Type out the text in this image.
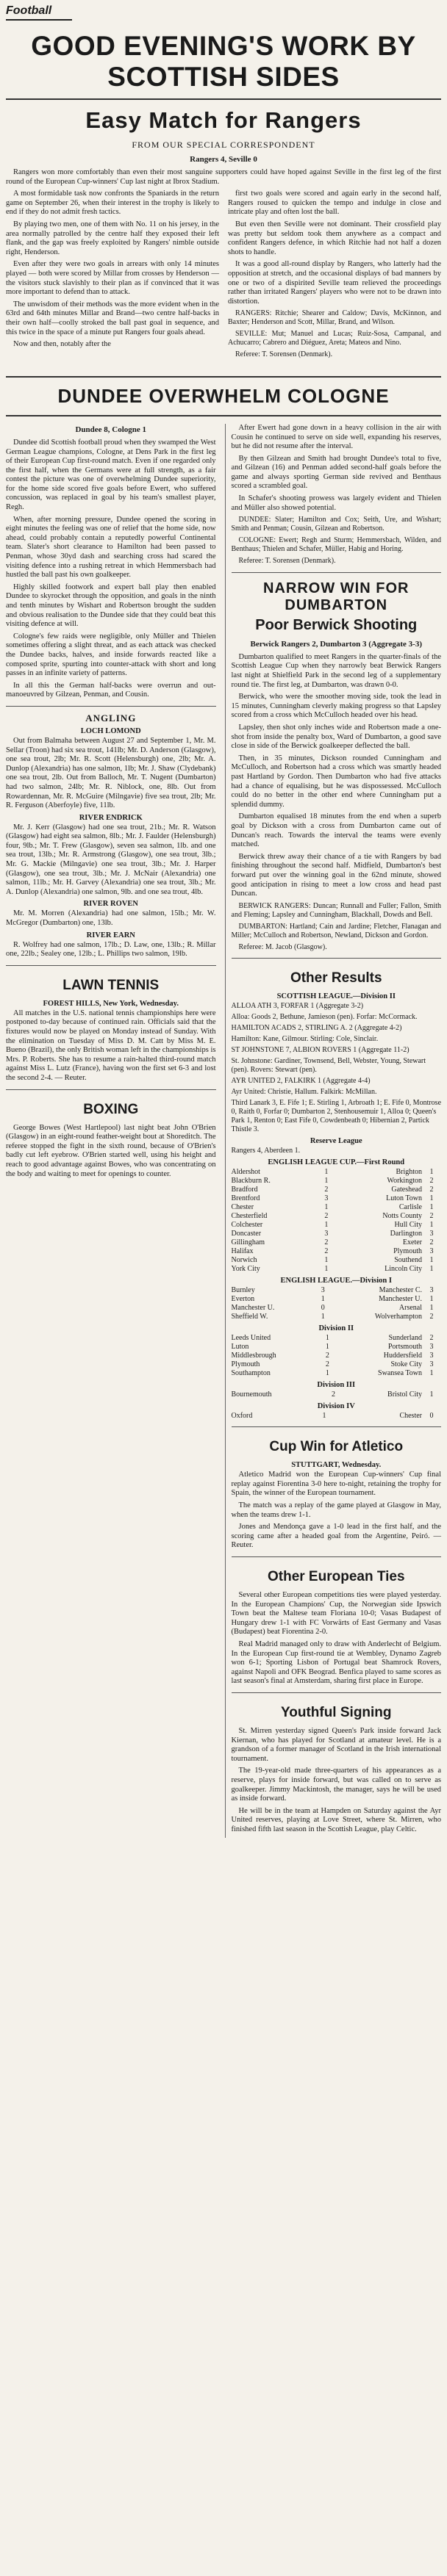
Football
GOOD EVENING'S WORK BY SCOTTISH SIDES
Easy Match for Rangers
FROM OUR SPECIAL CORRESPONDENT
Rangers 4, Seville 0

Rangers won more comfortably than even their most sanguine supporters could have hoped against Seville in the first leg of the first round of the European Cup-winners' Cup last night at Ibrox Stadium.

A most formidable task now confronts the Spaniards in the return game on September 26, when their interest in the trophy is likely to end if they do not admit fresh tactics.

By playing two men, one of them with No. 11 on his jersey, in the area normally patrolled by the centre half they exposed their left flank, and the gap was freely exploited by Rangers' nimble outside right, Henderson.

Even after they were two goals in arrears with only 14 minutes played — both were scored by Millar from crosses by Henderson — the visitors stuck slavishly to their plan as if convinced that it was more important to defend than to attack.

The unwisdom of their methods was the more evident when in the 63rd and 64th minutes Millar and Brand—two centre half-backs in their own half—coolly stroked the ball past goal in sequence, and this twice in the space of a minute put Rangers four goals ahead.

Now and then, notably after the

first two goals were scored and again early in the second half, Rangers roused to quicken the tempo and indulge in close and intricate play and often lost the ball.

But even then Seville were not dominant. Their crossfield play was pretty but seldom took them anywhere as a compact and confident Rangers defence, in which Ritchie had not half a dozen shots to handle.

It was a good all-round display by Rangers, who latterly had the opposition at stretch, and the occasional displays of bad manners by one or two of a dispirited Seville team relieved the proceedings rather than irritated Rangers' players who were not to be drawn into distortion.

RANGERS: Ritchie; Shearer and Caldow; Davis, McKinnon, and Baxter; Henderson and Scott, Millar, Brand, and Wilson.

SEVILLE: Mut; Manuel and Lucas; Ruiz-Sosa, Campanal, and Achucarro; Cabrero and Diéguez, Areta; Mateos and Nino.

Referee: T. Sorensen (Denmark).

DUNDEE OVERWHELM COLOGNE
Dundee 8, Cologne 1

Dundee did Scottish football proud when they swamped the West German League champions, Cologne, at Dens Park in the first leg of their European Cup first-round match. Even if one regarded only the first half, when the Germans were at full strength, as a fair contest the picture was one of overwhelming Dundee superiority, for the home side scored five goals before Ewert, who suffered concussion, was replaced in goal by his team's smallest player, Regh.

When, after morning pressure, Dundee opened the scoring in eight minutes the feeling was one of relief that the home side, now ahead, could probably contain a reputedly powerful Continental team. Slater's short clearance to Hamilton had been passed to Penman, whose 30yd dash and searching cross had scared the visiting defence into a rushing retreat in which Hemmersbach had hustled the ball past his own goalkeeper.

Highly skilled footwork and expert ball play then enabled Dundee to skyrocket through the opposition, and goals in the ninth and tenth minutes by Wishart and Robertson brought the sudden and obvious realisation to the Dundee side that they could beat this visiting defence at will.

Cologne's few raids were negligible, only Müller and Thielen sometimes offering a slight threat, and as each attack was checked the Dundee backs, halves, and inside forwards reacted like a composed sprite, spurting into counter-attack with short and long passes in an infinite variety of patterns.

In all this the German half-backs were overrun and out-manoeuvred by Gilzean, Penman, and Cousin.

ANGLING
LOCH LOMOND

Out from Balmaha between August 27 and September 1, Mr. M. Sellar (Troon) had six sea trout, 141lb; Mr. D. Anderson (Glasgow), one sea trout, 2lb; Mr. R. Scott (Helensburgh) one, 2lb; Mr. A. Dunlop (Alexandria) has one salmon, 1lb; Mr. J. Shaw (Clydebank) one sea trout, 2lb. Out from Balloch, Mr. T. Nugent (Dumbarton) had two salmon, 24lb; Mr. R. Niblock, one, 8lb. Out from Rowardennan, Mr. R. McGuire (Milngavie) five sea trout, 2lb; Mr. R. Ferguson (Aberfoyle) five, 11lb.

RIVER ENDRICK

Mr. J. Kerr (Glasgow) had one sea trout, 21b.; Mr. R. Watson (Glasgow) had eight sea salmon, 8lb.; Mr. J. Faulder (Helensburgh) four, 9lb.; Mr. T. Frew (Glasgow), seven sea salmon, 1lb. and one sea trout, 13lb.; Mr. R. Armstrong (Glasgow), one sea trout, 3lb.; Mr. G. Mackie (Milngavie) one sea trout, 3lb.; Mr. J. Harper (Glasgow), one sea trout, 3lb.; Mr. J. McNair (Alexandria) one salmon, 11lb.; Mr. H. Garvey (Alexandria) one sea trout, 3lb.; Mr. A. Dunlop (Alexandria) one salmon, 9lb. and one sea trout, 4lb.

RIVER ROVEN

Mr. M. Morren (Alexandria) had one salmon, 15lb.; Mr. W. McGregor (Dumbarton) one, 13lb.

RIVER EARN

R. Wolfrey had one salmon, 17lb.; D. Law, one, 13lb.; R. Millar one, 22lb.; Sealey one, 12lb.; L. Phillips two salmon, 19lb.

LAWN TENNIS
FOREST HILLS, New York, Wednesday.

All matches in the U.S. national tennis championships here were postponed to-day because of continued rain. Officials said that the fixtures would now be played on Monday instead of Sunday. With the elimination on Tuesday of Miss D. M. Catt by Miss M. E. Bueno (Brazil), the only British woman left in the championships is Mrs. P. Roberts. She has to resume a rain-halted third-round match against Miss L. Lutz (France), having won the first set 6-3 and lost the second 2-4. — Reuter.

BOXING

George Bowes (West Hartlepool) last night beat John O'Brien (Glasgow) in an eight-round feather-weight bout at Shoreditch. The referee stopped the fight in the sixth round, because of O'Brien's badly cut left eyebrow. O'Brien started well, using his height and reach to good advantage against Bowes, who was concentrating on the body and waiting to meet for openings to counter.

After Ewert had gone down in a heavy collision in the air with Cousin he continued to serve on side well, expanding his reserves, but he did not resume after the interval.

By then Gilzean and Smith had brought Dundee's total to five, and Gilzean (16) and Penman added second-half goals before the game and always sporting German side revived and Benthaus scored a scrambled goal.

In Schafer's shooting prowess was largely evident and Thielen and Müller also showed potential.

DUNDEE: Slater; Hamilton and Cox; Seith, Ure, and Wishart; Smith and Penman; Cousin, Gilzean and Robertson.

COLOGNE: Ewert; Regh and Sturm; Hemmersbach, Wilden, and Benthaus; Thielen and Schafer, Müller, Habig and Horing.

Referee: T. Sorensen (Denmark).

NARROW WIN FOR DUMBARTON
Poor Berwick Shooting
Berwick Rangers 2, Dumbarton 3 (Aggregate 3-3)

Dumbarton qualified to meet Rangers in the quarter-finals of the Scottish League Cup when they narrowly beat Berwick Rangers last night at Shielfield Park in the second leg of a supplementary round tie. The first leg, at Dumbarton, was drawn 0-0.

Berwick, who were the smoother moving side, took the lead in 15 minutes, Cunningham cleverly making progress so that Lapsley scored from a cross which McCulloch headed over his head.

Lapsley, then shot only inches wide and Robertson made a one-shot from inside the penalty box, Ward of Dumbarton, a good save close in side of the Berwick goalkeeper deflected the ball.

Then, in 35 minutes, Dickson rounded Cunningham and McCulloch, and Robertson had a cross which was smartly headed past Hartland by Gordon. Then Dumbarton who had five attacks had a chance of equalising, but he was dispossessed. McCulloch could do no better in the other end where Cunningham put a splendid dummy.

Dumbarton equalised 18 minutes from the end when a superb goal by Dickson with a cross from Dumbarton came out of Duncan's reach. Towards the interval the teams were evenly matched.

Berwick threw away their chance of a tie with Rangers by bad finishing throughout the second half. Midfield, Dumbarton's best forward put over the winning goal in the 62nd minute, showed good anticipation in rising to meet a low cross and head past Duncan.

BERWICK RANGERS: Duncan; Runnall and Fuller; Fallon, Smith and Fleming; Lapsley and Cunningham, Blackhall, Dowds and Bell.

DUMBARTON: Hartland; Cain and Jardine; Fletcher, Flanagan and Miller; McCulloch and Robertson, Newland, Dickson and Gordon.

Referee: M. Jacob (Glasgow).

Other Results
SCOTTISH LEAGUE.—Division II
ALLOA ATH 3, FORFAR 1 (Aggregate 3-2)
Alloa: Goods 2, Bethune, Jamieson (pen). Forfar: McCormack.
HAMILTON ACADS 2, STIRLING A. 2 (Aggregate 4-2)
Hamilton: Kane, Gilmour. Stirling: Cole, Sinclair.
ST JOHNSTONE 7, ALBION ROVERS 1 (Aggregate 11-2)
St. Johnstone: Gardiner, Townsend, Bell, Webster, Young, Stewart (pen). Rovers: Stewart (pen).
AYR UNITED 2, FALKIRK 1 (Aggregate 4-4)
Ayr United: Christie, Hallum. Falkirk: McMillan.
Third Lanark 3, E. Fife 1; E. Stirling 1, Arbroath 1; E. Fife 0, Montrose 0, Raith 0, Forfar 0; Dumbarton 2, Stenhousemuir 1, Alloa 0; Queen's Park 1, Renton 0; East Fife 0, Cowdenbeath 0; Hibernian 2, Partick Thistle 3.
Reserve League
Rangers 4, Aberdeen 1.
ENGLISH LEAGUE CUP.—First Round
Aldershot	1	Brighton	1
Blackburn R.	1	Workington	2
Bradford	2	Gateshead	2
Brentford	3	Luton Town	1
Chester	1	Carlisle	1
Chesterfield	2	Notts County	2
Colchester	1	Hull City	1
Doncaster	3	Darlington	3
Gillingham	2	Exeter	2
Halifax	2	Plymouth	3
Norwich	1	Southend	1
York City	1	Lincoln City	1
ENGLISH LEAGUE.—Division I
Burnley	3	Manchester C.	3
Everton	1	Manchester U.	1
Manchester U.	0	Arsenal	1
Sheffield W.	1	Wolverhampton	2
Division II
Leeds United	1	Sunderland	2
Luton	1	Portsmouth	3
Middlesbrough	2	Huddersfield	3
Plymouth	2	Stoke City	3
Southampton	1	Swansea Town	1
Division III
Bournemouth	2	Bristol City	1
Division IV
Oxford	1	Chester	0
Cup Win for Atletico
STUTTGART, Wednesday.

Atletico Madrid won the European Cup-winners' Cup final replay against Fiorentina 3-0 here to-night, retaining the trophy for Spain, the winner of the European tournament.

The match was a replay of the game played at Glasgow in May, when the teams drew 1-1.

Jones and Mendonça gave a 1-0 lead in the first half, and the scoring came after a headed goal from the Argentine, Peiró. — Reuter.

Other European Ties

Several other European competitions ties were played yesterday. In the European Champions' Cup, the Norwegian side Ipswich Town beat the Maltese team Floriana 10-0; Vasas Budapest of Hungary drew 1-1 with FC Vorwärts of East Germany and Vasas (Budapest) beat Fiorentina 2-0.

Real Madrid managed only to draw with Anderlecht of Belgium. In the European Cup first-round tie at Wembley, Dynamo Zagreb won 6-1; Sporting Lisbon of Portugal beat Shamrock Rovers, against Napoli and OFK Beograd. Benfica played to same scores as last season's final at Amsterdam, sharing first place in Europe.

Youthful Signing

St. Mirren yesterday signed Queen's Park inside forward Jack Kiernan, who has played for Scotland at amateur level. He is a grandson of a former manager of Scotland in the Irish international tournament.

The 19-year-old made three-quarters of his appearances as a reserve, plays for inside forward, but was called on to serve as goalkeeper. Jimmy Mackintosh, the manager, says he will be used as inside forward.

He will be in the team at Hampden on Saturday against the Ayr United reserves, playing at Love Street, where St. Mirren, who finished fifth last season in the Scottish League, play Celtic.
